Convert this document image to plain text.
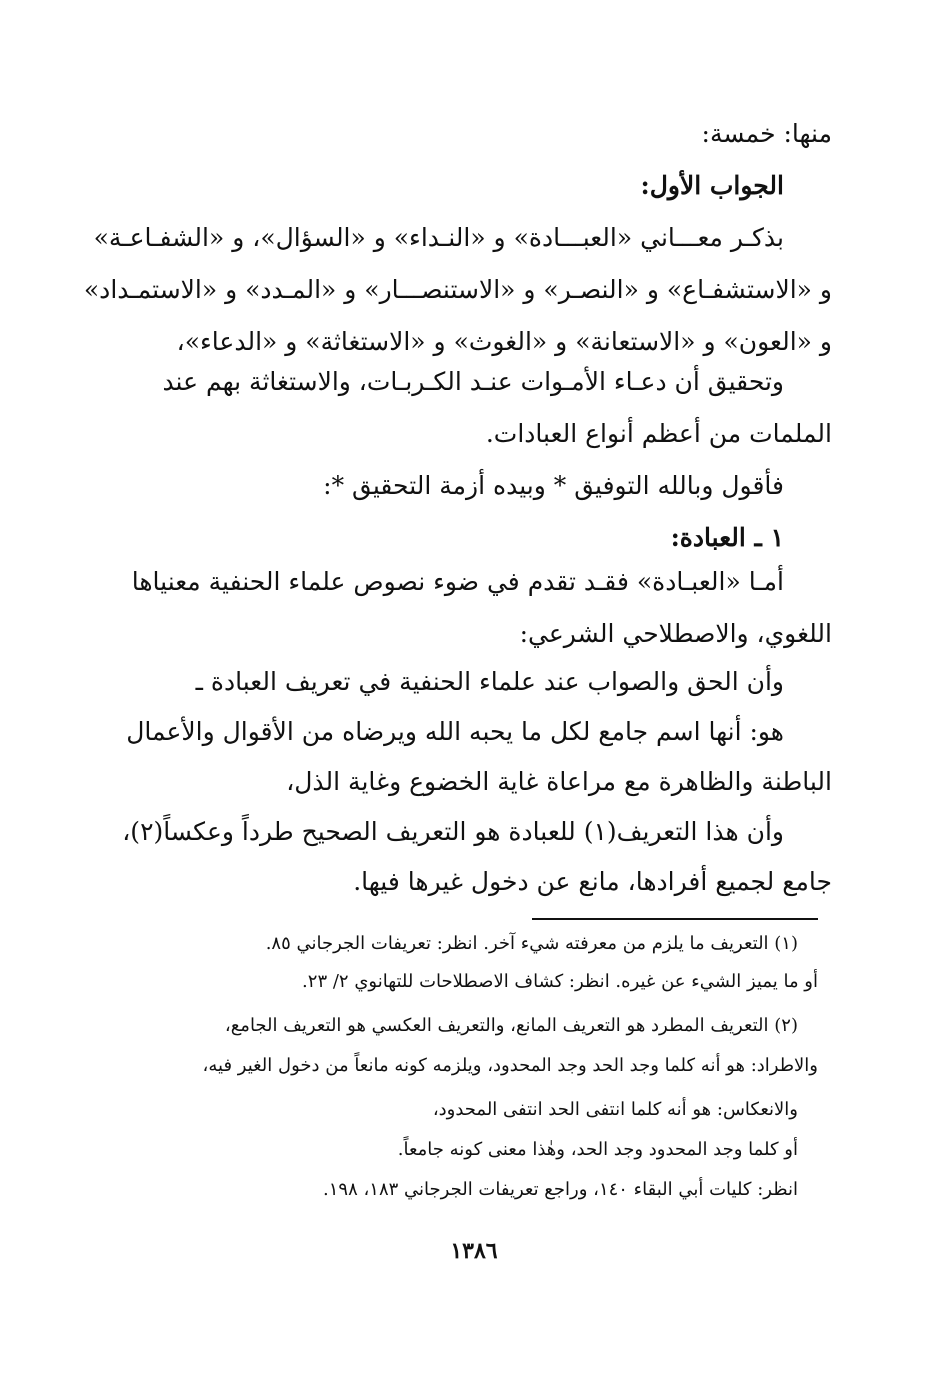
منها: خمسة:
الجواب الأول:
بذكـر معـــاني «العبـــادة» و «النـداء» و «السؤال»، و «الشفـاعـة»
و «الاستشفـاع» و «النصـر» و «الاستنصـــار» و «المـدد» و «الاستمـداد»
و «العون» و «الاستعانة» و «الغوث» و «الاستغاثة» و «الدعاء»،
وتحقيق أن دعـاء الأمـوات عنـد الكـربـات، والاستغاثة بهم عند
الملمات من أعظم أنواع العبادات.
فأقول وبالله التوفيق * وبيده أزمة التحقيق *:
١ ـ العبادة:
أمـا «العبـادة» فقـد تقدم في ضوء نصوص علماء الحنفية معنياها
اللغوي، والاصطلاحي الشرعي:
وأن الحق والصواب عند علماء الحنفية في تعريف العبادة ـ
هو: أنها اسم جامع لكل ما يحبه الله ويرضاه من الأقوال والأعمال
الباطنة والظاهرة مع مراعاة غاية الخضوع وغاية الذل،
وأن هذا التعريف(١) للعبادة هو التعريف الصحيح طرداً وعكساً(٢)،
جامع لجميع أفرادها، مانع عن دخول غيرها فيها.
(١) التعريف ما يلزم من معرفته شيء آخر. انظر: تعريفات الجرجاني ٨٥.
أو ما يميز الشيء عن غيره. انظر: كشاف الاصطلاحات للتهانوي ٢/ ٢٣.
(٢) التعريف المطرد هو التعريف المانع، والتعريف العكسي هو التعريف الجامع،
والاطراد: هو أنه كلما وجد الحد وجد المحدود، ويلزمه كونه مانعاً من دخول الغير فيه،
والانعكاس: هو أنه كلما انتفى الحد انتفى المحدود،
أو كلما وجد المحدود وجد الحد، وهٰذا معنى كونه جامعاً.
انظر: كليات أبي البقاء ١٤٠، وراجع تعريفات الجرجاني ١٨٣، ١٩٨.
١٣٨٦
